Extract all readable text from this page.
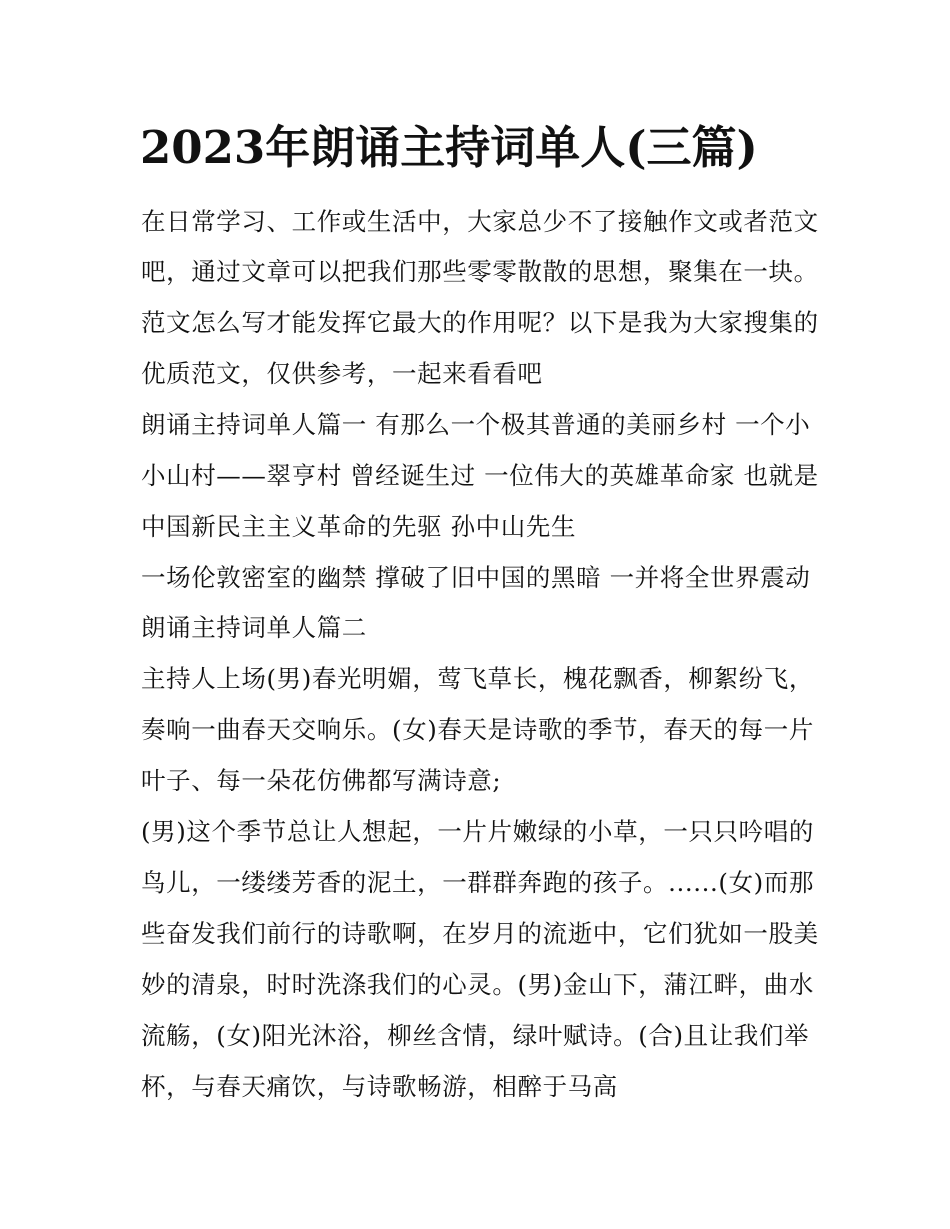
2023年朗诵主持词单人(三篇)

在日常学习、工作或生活中，大家总少不了接触作文或者范文

吧，通过文章可以把我们那些零零散散的思想，聚集在一块。

范文怎么写才能发挥它最大的作用呢？以下是我为大家搜集的

优质范文，仅供参考，一起来看看吧

朗诵主持词单人篇一 有那么一个极其普通的美丽乡村 一个小

小山村——翠亨村 曾经诞生过 一位伟大的英雄革命家 也就是

中国新民主主义革命的先驱 孙中山先生

一场伦敦密室的幽禁 撑破了旧中国的黑暗 一并将全世界震动

朗诵主持词单人篇二

主持人上场(男)春光明媚，莺飞草长，槐花飘香，柳絮纷飞，

奏响一曲春天交响乐。(女)春天是诗歌的季节，春天的每一片

叶子、每一朵花仿佛都写满诗意;

(男)这个季节总让人想起，一片片嫩绿的小草，一只只吟唱的

鸟儿，一缕缕芳香的泥土，一群群奔跑的孩子。......(女)而那

些奋发我们前行的诗歌啊，在岁月的流逝中，它们犹如一股美

妙的清泉，时时洗涤我们的心灵。(男)金山下，蒲江畔，曲水

流觞，(女)阳光沐浴，柳丝含情，绿叶赋诗。(合)且让我们举

杯，与春天痛饮，与诗歌畅游，相醉于马高
